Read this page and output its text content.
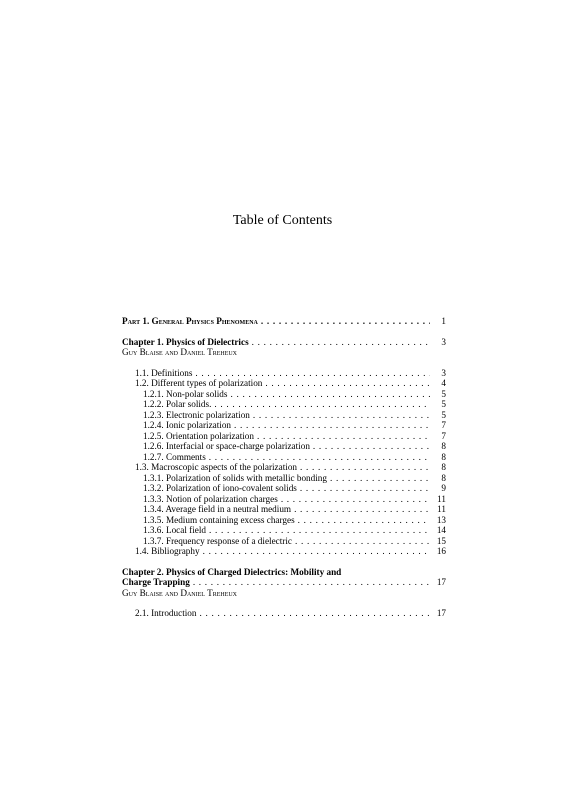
Table of Contents
Part 1. General Physics Phenomena . . .	1
Chapter 1. Physics of Dielectrics . . .	3
Guy Blaise and Daniel Treheux
1.1. Definitions . . .	3
1.2. Different types of polarization . . .	4
1.2.1. Non-polar solids . . .	5
1.2.2. Polar solids. . . .	5
1.2.3. Electronic polarization . . .	5
1.2.4. Ionic polarization . . .	7
1.2.5. Orientation polarization . . .	7
1.2.6. Interfacial or space-charge polarization . . .	8
1.2.7. Comments . . .	8
1.3. Macroscopic aspects of the polarization . . .	8
1.3.1. Polarization of solids with metallic bonding . . .	8
1.3.2. Polarization of iono-covalent solids . . .	9
1.3.3. Notion of polarization charges . . .	11
1.3.4. Average field in a neutral medium . . .	11
1.3.5. Medium containing excess charges . . .	13
1.3.6. Local field . . .	14
1.3.7. Frequency response of a dielectric . . .	15
1.4. Bibliography . . .	16
Chapter 2. Physics of Charged Dielectrics: Mobility and
Charge Trapping . . .	17
Guy Blaise and Daniel Treheux
2.1. Introduction . . .	17
